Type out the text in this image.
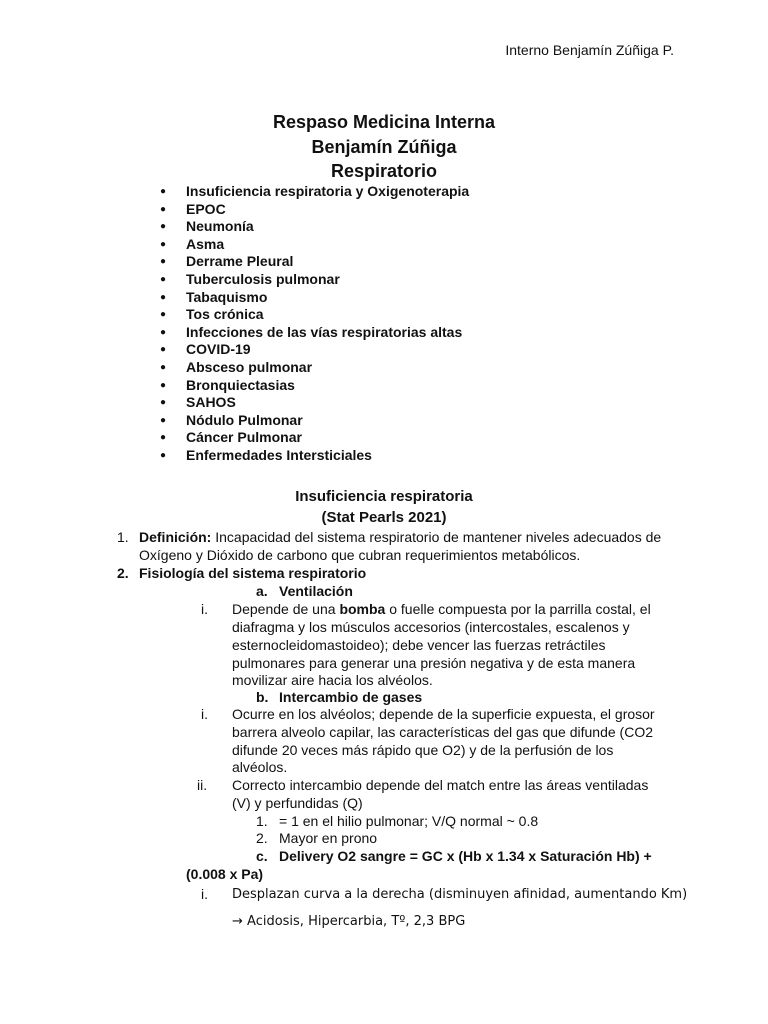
Interno Benjamín Zúñiga P.
Respaso Medicina Interna
Benjamín Zúñiga
Respiratorio
● Insuficiencia respiratoria y Oxigenoterapia
● EPOC
● Neumonía
● Asma
● Derrame Pleural
● Tuberculosis pulmonar
● Tabaquismo
● Tos crónica
● Infecciones de las vías respiratorias altas
● COVID-19
● Absceso pulmonar
● Bronquiectasias
● SAHOS
● Nódulo Pulmonar
● Cáncer Pulmonar
● Enfermedades Intersticiales
Insuficiencia respiratoria
(Stat Pearls 2021)
1. Definición: Incapacidad del sistema respiratorio de mantener niveles adecuados de
Oxígeno y Dióxido de carbono que cubran requerimientos metabólicos.
2. Fisiología del sistema respiratorio
a. Ventilación
i. Depende de una bomba o fuelle compuesta por la parrilla costal, el
diafragma y los músculos accesorios (intercostales, escalenos y
esternocleidomastoideo); debe vencer las fuerzas retráctiles
pulmonares para generar una presión negativa y de esta manera
movilizar aire hacia los alvéolos.
b. Intercambio de gases
i. Ocurre en los alvéolos; depende de la superficie expuesta, el grosor
barrera alveolo capilar, las características del gas que difunde (CO2
difunde 20 veces más rápido que O2) y de la perfusión de los
alvéolos.
ii. Correcto intercambio depende del match entre las áreas ventiladas
(V) y perfundidas (Q)
1. = 1 en el hilio pulmonar; V/Q normal ~ 0.8
2. Mayor en prono
c. Delivery O2 sangre = GC x (Hb x 1.34 x Saturación Hb) +
(0.008 x Pa)
i. Desplazan curva a la derecha (disminuyen afinidad, aumentando Km)
→ Acidosis, Hipercarbia, Tº, 2,3 BPG
